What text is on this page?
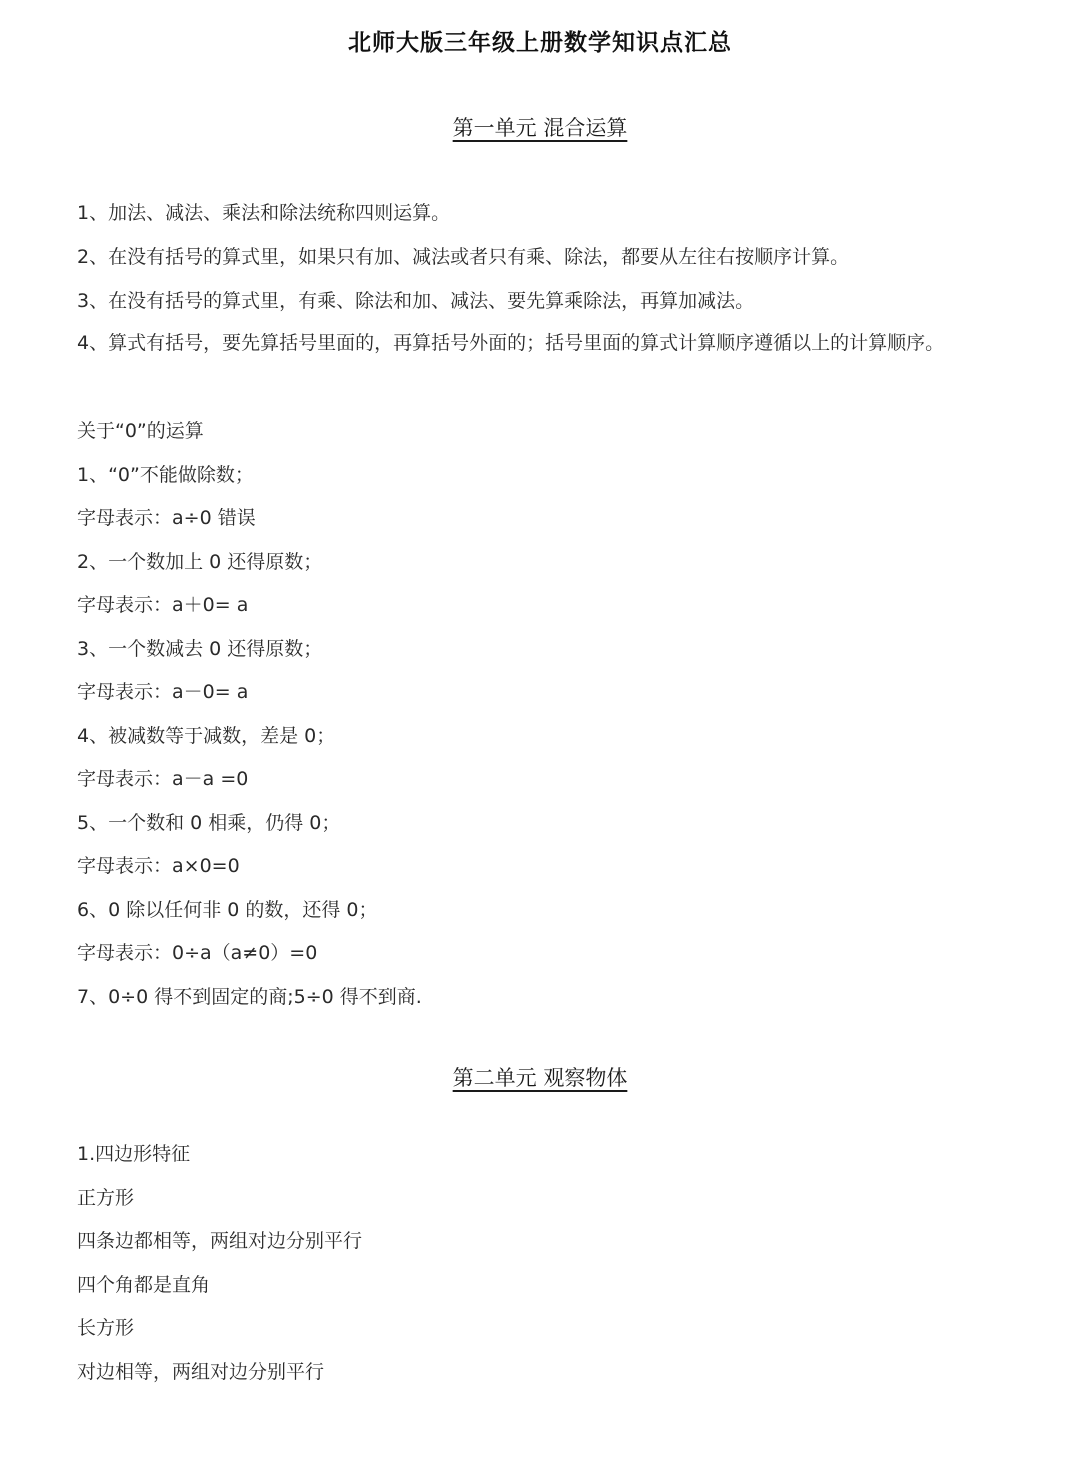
北师大版三年级上册数学知识点汇总
第一单元 混合运算
1、加法、减法、乘法和除法统称四则运算。
2、在没有括号的算式里，如果只有加、减法或者只有乘、除法，都要从左往右按顺序计算。
3、在没有括号的算式里，有乘、除法和加、减法、要先算乘除法，再算加减法。
4、算式有括号，要先算括号里面的，再算括号外面的；括号里面的算式计算顺序遵循以上的计算顺序。
关于“0”的运算
1、“0”不能做除数；
字母表示：a÷0 错误
2、一个数加上 0 还得原数；
字母表示：a＋0= a
3、一个数减去 0 还得原数；
字母表示：a－0= a
4、被减数等于减数，差是 0；
字母表示：a－a =0
5、一个数和 0 相乘，仍得 0；
字母表示：a×0=0
6、0 除以任何非 0 的数，还得 0；
字母表示：0÷a（a≠0）=0
7、0÷0 得不到固定的商;5÷0 得不到商.
第二单元 观察物体
1.四边形特征
正方形
四条边都相等，两组对边分别平行
四个角都是直角
长方形
对边相等，两组对边分别平行
